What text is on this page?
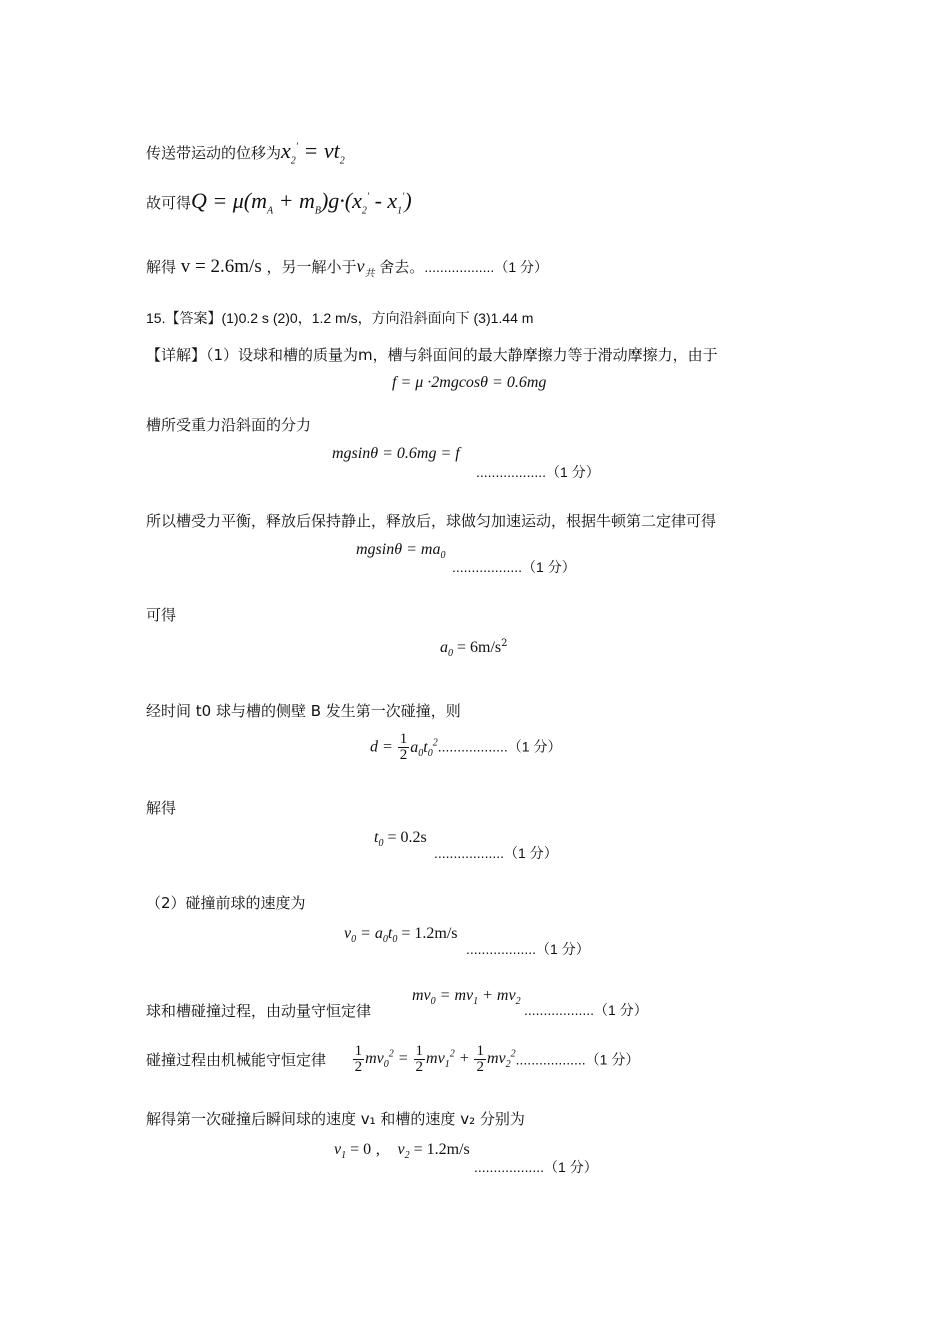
传送带运动的位移为$x_2' = vt_2$
故可得$Q = \mu(m_A + m_B)g\cdot(x_2' - x_1')$
解得 v = 2.6m/s ，另一解小于$v_共$ 舍去。..................（1 分）
15.【答案】(1)0.2 s (2)0，1.2 m/s，方向沿斜面向下 (3)1.44 m
【详解】（1）设球和槽的质量为m，槽与斜面间的最大静摩擦力等于滑动摩擦力，由于
f = μ ·2mgcosθ = 0.6mg
槽所受重力沿斜面的分力
mgsinθ = 0.6mg = f
..................（1 分）
所以槽受力平衡，释放后保持静止，释放后，球做匀加速运动，根据牛顿第二定律可得
$mgsin\theta = ma_0$
..................（1 分）
可得
$a_0 = 6m/s^2$
经时间 t0 球与槽的侧壁 B 发生第一次碰撞，则
$d = \frac{1}{2} a_0t_0^2..................(1$ 分）
解得
$t_0 = 0.2s$
..................（1 分）
（2）碰撞前球的速度为
$v_0 = a_0t_0 = 1.2m/s$
..................（1 分）
$mv_0 = mv_1 + mv_2$
球和槽碰撞过程，由动量守恒定律	..................（1 分）
碰撞过程由机械能守恒定律 $\frac{1}{2} mv_0^2 = \frac{1}{2} mv_1^2 + \frac{1}{2} mv_2^2..................(1$ 分）
解得第一次碰撞后瞬间球的速度 v₁ 和槽的速度 v₂ 分别为
$v_1 = 0$ , $v_2 = 1.2m/s$
..................（1 分）
